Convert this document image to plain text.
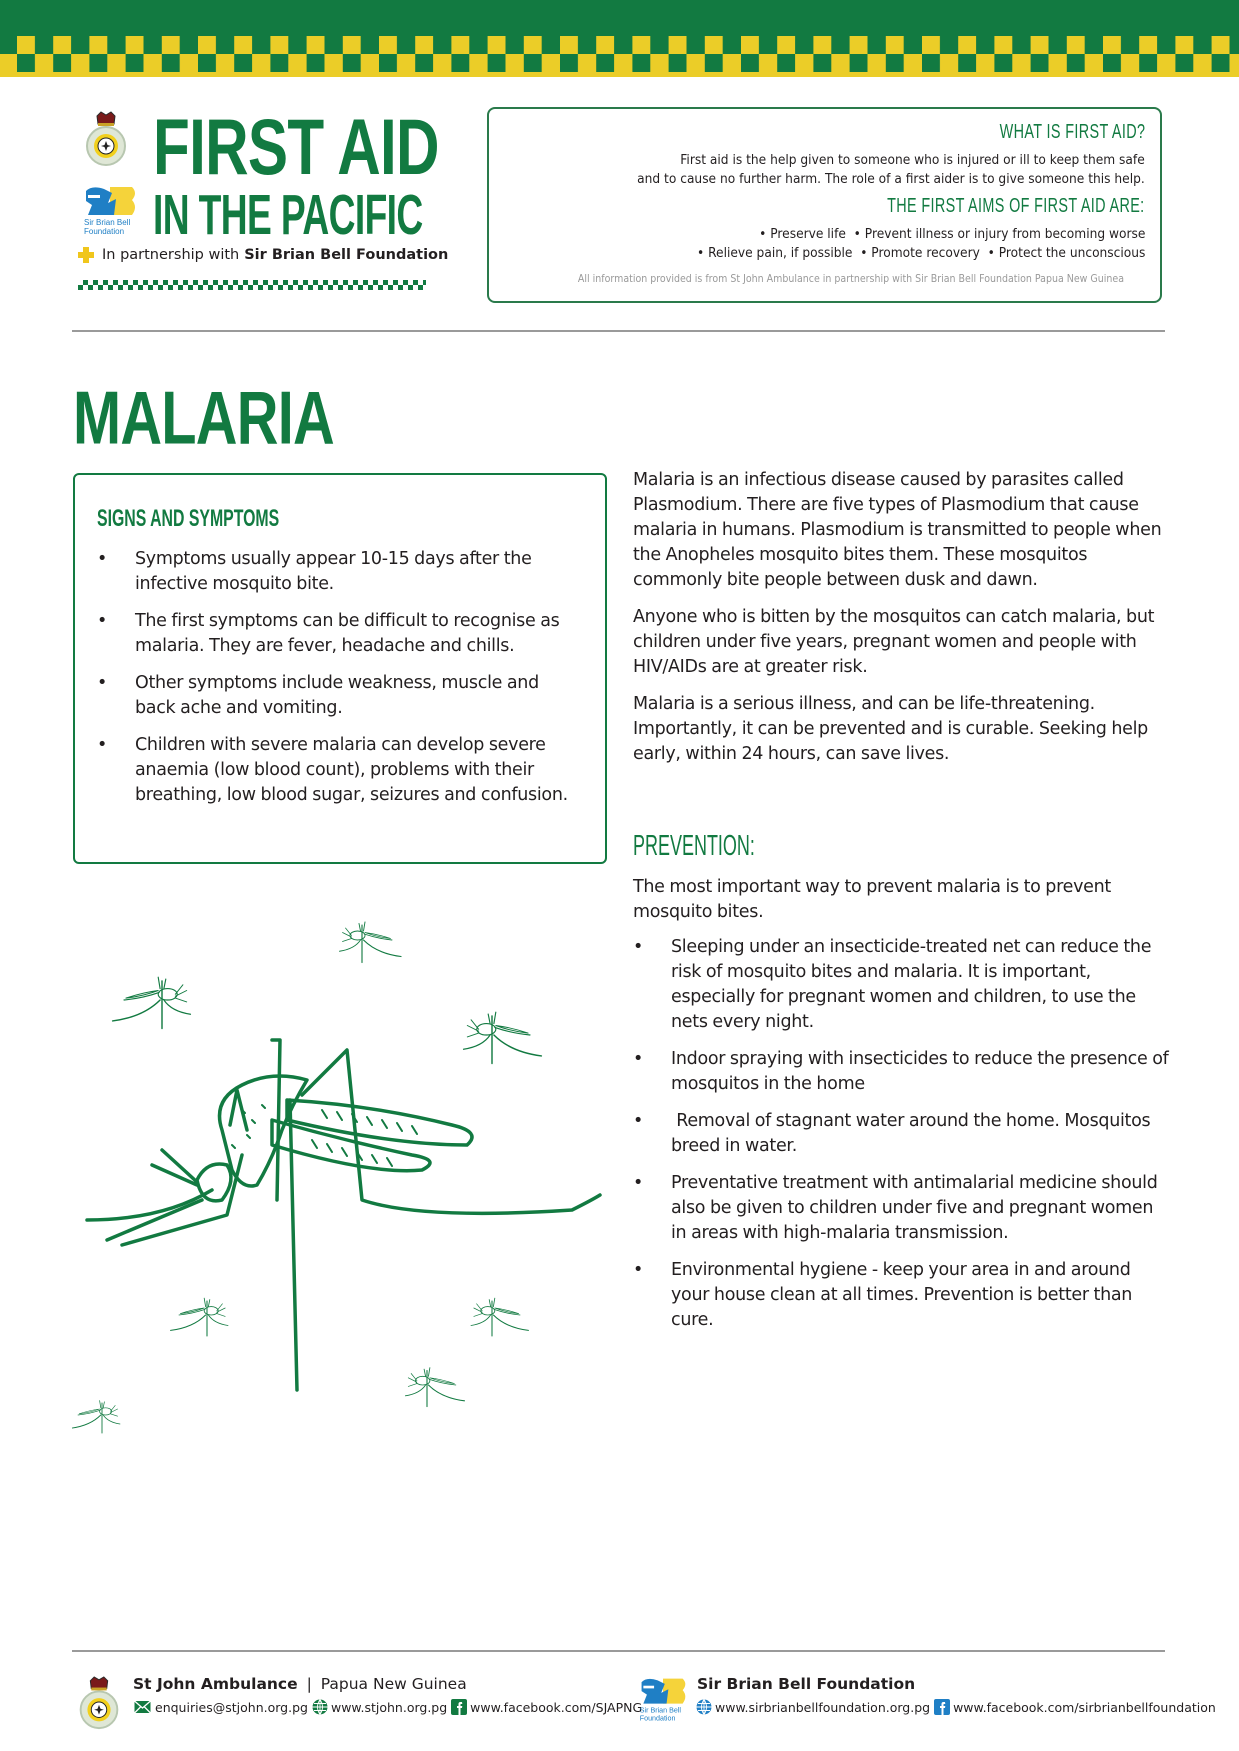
Sir Brian Bell
Foundation
FIRST AID
IN THE PACIFIC
In partnership with Sir Brian Bell Foundation
WHAT IS FIRST AID?
First aid is the help given to someone who is injured or ill to keep them safe
and to cause no further harm. The role of a first aider is to give someone this help.
THE FIRST AIMS OF FIRST AID ARE:
• Preserve life  • Prevent illness or injury from becoming worse
• Relieve pain, if possible  • Promote recovery  • Protect the unconscious
All information provided is from St John Ambulance in partnership with Sir Brian Bell Foundation Papua New Guinea
MALARIA
SIGNS AND SYMPTOMS
• Symptoms usually appear 10-15 days after the infective mosquito bite.
• The first symptoms can be difficult to recognise as malaria. They are fever, headache and chills.
• Other symptoms include weakness, muscle and back ache and vomiting.
• Children with severe malaria can develop severe anaemia (low blood count), problems with their breathing, low blood sugar, seizures and confusion.

Malaria is an infectious disease caused by parasites called Plasmodium. There are five types of Plasmodium that cause malaria in humans. Plasmodium is transmitted to people when the Anopheles mosquito bites them. These mosquitos commonly bite people between dusk and dawn.

Anyone who is bitten by the mosquitos can catch malaria, but children under five years, pregnant women and people with HIV/AIDs are at greater risk.

Malaria is a serious illness, and can be life-threatening. Importantly, it can be prevented and is curable. Seeking help early, within 24 hours, can save lives.

PREVENTION:

The most important way to prevent malaria is to prevent mosquito bites.

• Sleeping under an insecticide-treated net can reduce the risk of mosquito bites and malaria. It is important, especially for pregnant women and children, to use the nets every night.
• Indoor spraying with insecticides to reduce the presence of mosquitos in the home
• Removal of stagnant water around the home. Mosquitos breed in water.
• Preventative treatment with antimalarial medicine should also be given to children under five and pregnant women in areas with high-malaria transmission.
• Environmental hygiene - keep your area in and around your house clean at all times. Prevention is better than cure.
St John Ambulance | Papua New Guinea
enquiries@stjohn.org.pg www.stjohn.org.pg www.facebook.com/SJAPNG
Sir Brian Bell
Foundation
Sir Brian Bell Foundation
www.sirbrianbellfoundation.org.pg www.facebook.com/sirbrianbellfoundation
